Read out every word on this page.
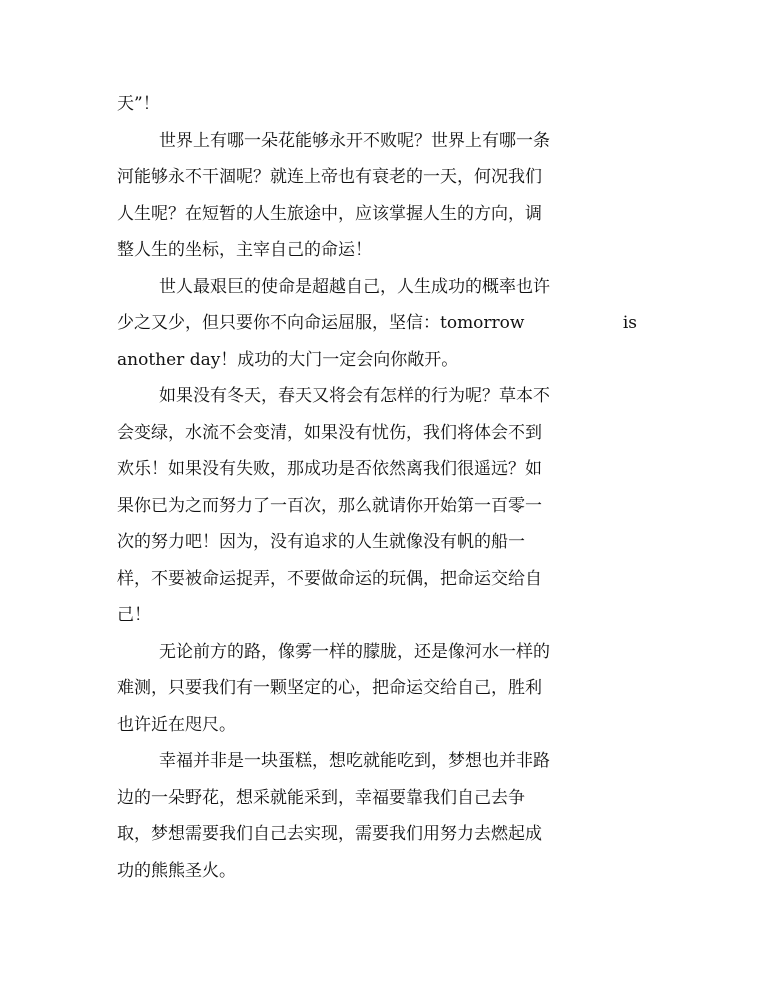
天”！
世界上有哪一朵花能够永开不败呢？世界上有哪一条
河能够永不干涸呢？就连上帝也有衰老的一天，何况我们
人生呢？在短暂的人生旅途中，应该掌握人生的方向，调
整人生的坐标，主宰自己的命运！
世人最艰巨的使命是超越自己，人生成功的概率也许
少之又少，但只要你不向命运屈服，坚信：tomorrow	is
another day！成功的大门一定会向你敞开。
如果没有冬天，春天又将会有怎样的行为呢？草本不
会变绿，水流不会变清，如果没有忧伤，我们将体会不到
欢乐！如果没有失败，那成功是否依然离我们很遥远？如
果你已为之而努力了一百次，那么就请你开始第一百零一
次的努力吧！因为，没有追求的人生就像没有帆的船一
样，不要被命运捉弄，不要做命运的玩偶，把命运交给自
己！
无论前方的路，像雾一样的朦胧，还是像河水一样的
难测，只要我们有一颗坚定的心，把命运交给自己，胜利
也许近在咫尺。
幸福并非是一块蛋糕，想吃就能吃到，梦想也并非路
边的一朵野花，想采就能采到，幸福要靠我们自己去争
取，梦想需要我们自己去实现，需要我们用努力去燃起成
功的熊熊圣火。
